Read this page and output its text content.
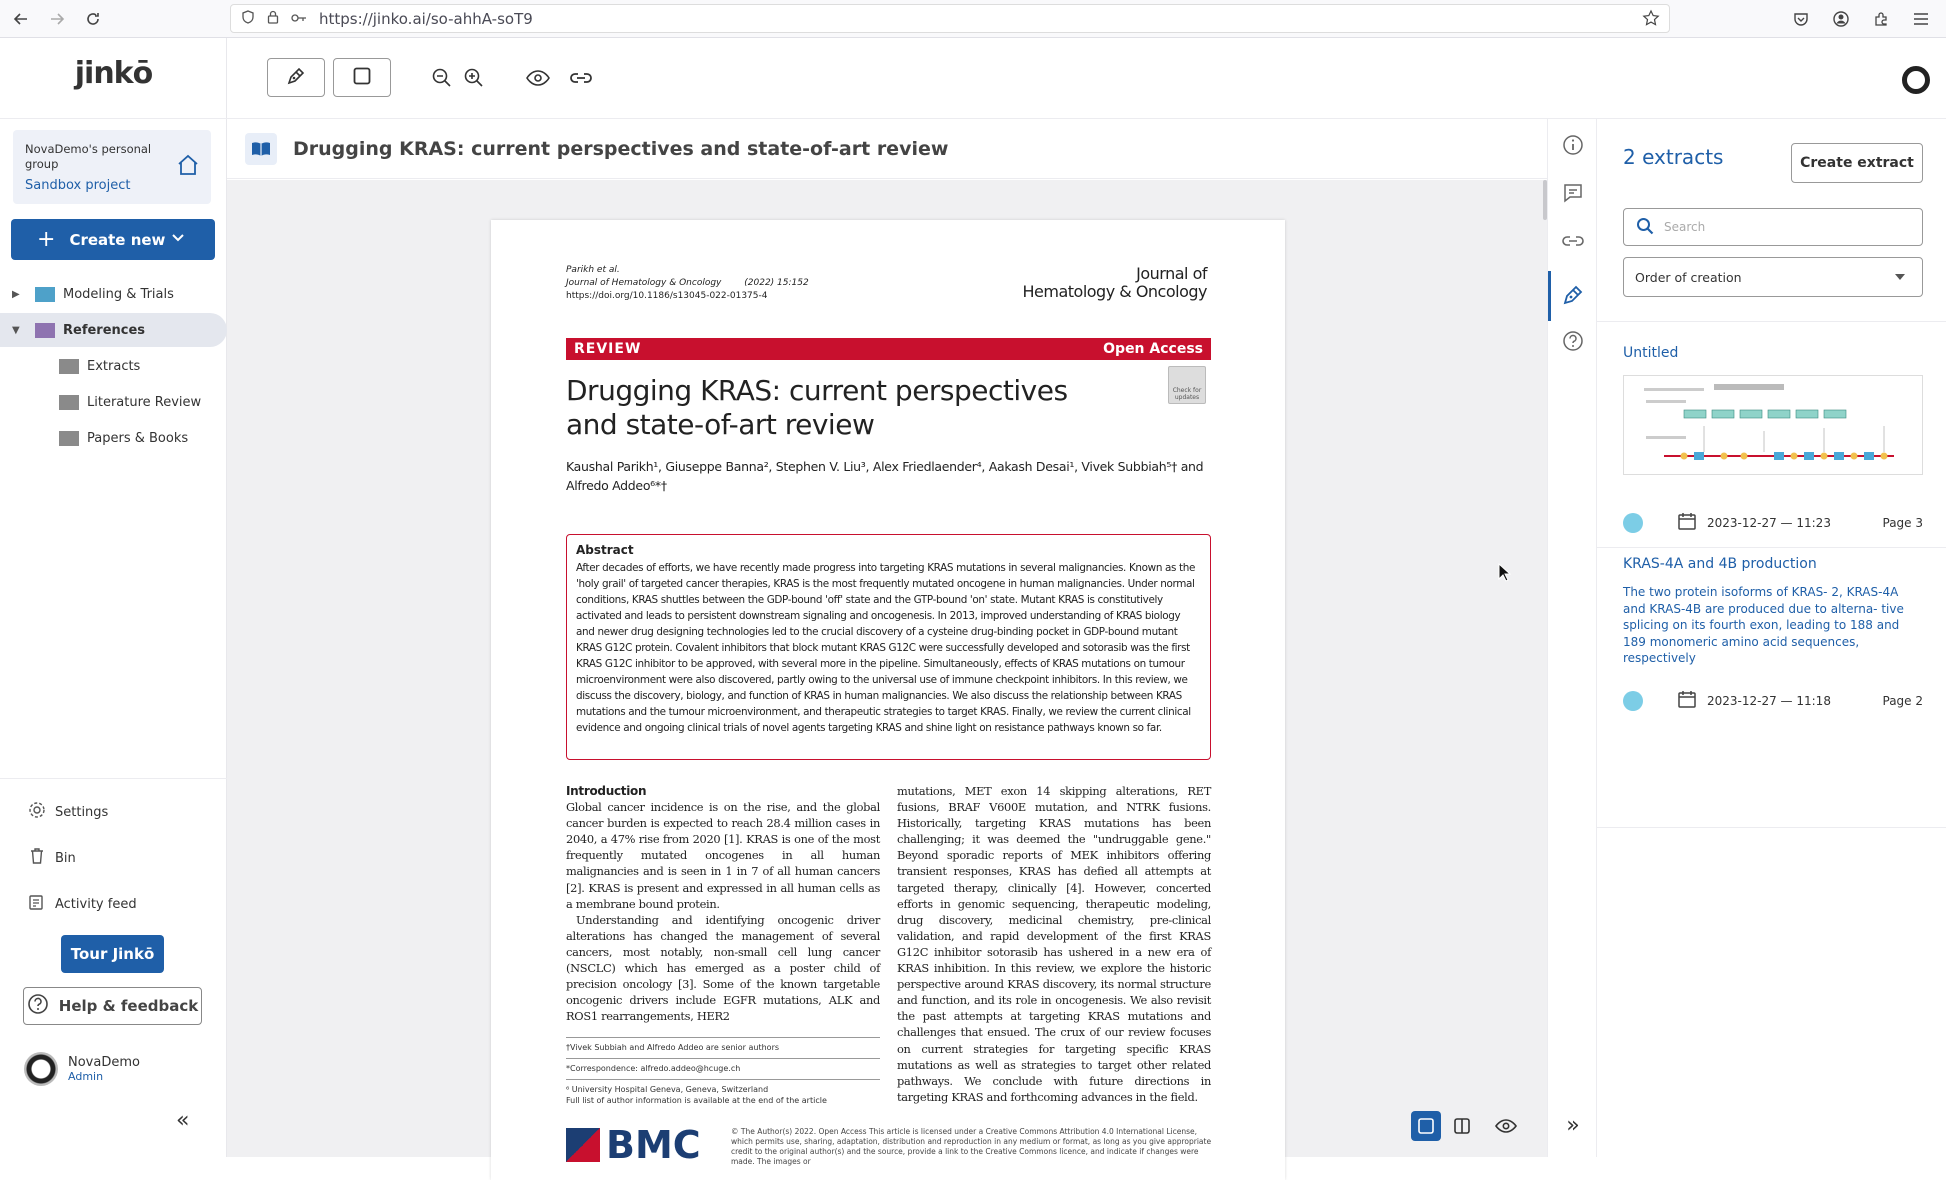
https://jinko.ai/so-ahhA-soT9
jinkō
NovaDemo's personal group
Sandbox project
+ Create new
▶	Modeling & Trials
▼	References
Extracts
Literature Review
Papers & Books
Settings
Bin
Activity feed
Tour Jinkō
Help & feedback
NovaDemo
Admin
«
Drugging KRAS: current perspectives and state-of-art review
Parikh et al.
Journal of Hematology & Oncology        (2022) 15:152
https://doi.org/10.1186/s13045-022-01375-4
Journal of
Hematology & Oncology
REVIEW	Open Access
Drugging KRAS: current perspectives and state-of-art review
Check for updates
Kaushal Parikh¹, Giuseppe Banna², Stephen V. Liu³, Alex Friedlaender⁴, Aakash Desai¹, Vivek Subbiah⁵† and Alfredo Addeo⁶*†
Abstract
After decades of efforts, we have recently made progress into targeting KRAS mutations in several malignancies. Known as the 'holy grail' of targeted cancer therapies, KRAS is the most frequently mutated oncogene in human malignancies. Under normal conditions, KRAS shuttles between the GDP-bound 'off' state and the GTP-bound 'on' state. Mutant KRAS is constitutively activated and leads to persistent downstream signaling and oncogenesis. In 2013, improved understanding of KRAS biology and newer drug designing technologies led to the crucial discovery of a cysteine drug-binding pocket in GDP-bound mutant KRAS G12C protein. Covalent inhibitors that block mutant KRAS G12C were successfully developed and sotorasib was the first KRAS G12C inhibitor to be approved, with several more in the pipeline. Simultaneously, effects of KRAS mutations on tumour microenvironment were also discovered, partly owing to the universal use of immune checkpoint inhibitors. In this review, we discuss the discovery, biology, and function of KRAS in human malignancies. We also discuss the relationship between KRAS mutations and the tumour microenvironment, and therapeutic strategies to target KRAS. Finally, we review the current clinical evidence and ongoing clinical trials of novel agents targeting KRAS and shine light on resistance pathways known so far.
Introduction
Global cancer incidence is on the rise, and the global cancer burden is expected to reach 28.4 million cases in 2040, a 47% rise from 2020 [1]. KRAS is one of the most frequently mutated oncogenes in all human malignancies and is seen in 1 in 7 of all human cancers [2]. KRAS is present and expressed in all human cells as a membrane bound protein.
Understanding and identifying oncogenic driver alterations has changed the management of several cancers, most notably, non-small cell lung cancer (NSCLC) which has emerged as a poster child of precision oncology [3]. Some of the known targetable oncogenic drivers include EGFR mutations, ALK and ROS1 rearrangements, HER2
mutations, MET exon 14 skipping alterations, RET fusions, BRAF V600E mutation, and NTRK fusions. Historically, targeting KRAS mutations has been challenging; it was deemed the "undruggable gene." Beyond sporadic reports of MEK inhibitors offering transient responses, KRAS has defied all attempts at targeted therapy, clinically [4]. However, concerted efforts in genomic sequencing, therapeutic modeling, drug discovery, medicinal chemistry, pre-clinical validation, and rapid development of the first KRAS G12C inhibitor sotorasib has ushered in a new era of KRAS inhibition. In this review, we explore the historic perspective around KRAS discovery, its normal structure and function, and its role in oncogenesis. We also revisit the past attempts at targeting KRAS mutations and challenges that ensued. The crux of our review focuses on current strategies for targeting specific KRAS mutations as well as strategies to target other related pathways. We conclude with future directions in targeting KRAS and forthcoming advances in the field.
†Vivek Subbiah and Alfredo Addeo are senior authors
*Correspondence: alfredo.addeo@hcuge.ch
⁶ University Hospital Geneva, Geneva, Switzerland
Full list of author information is available at the end of the article
BMC	© The Author(s) 2022. Open Access This article is licensed under a Creative Commons Attribution 4.0 International License, which permits use, sharing, adaptation, distribution and reproduction in any medium or format, as long as you give appropriate credit to the original author(s) and the source, provide a link to the Creative Commons licence, and indicate if changes were made. The images or
»
2 extracts	Create extract
Search
Order of creation
Untitled
2023-12-27 — 11:23	Page 3
KRAS-4A and 4B production
The two protein isoforms of KRAS- 2, KRAS-4A and KRAS-4B are produced due to alterna- tive splicing on its fourth exon, leading to 188 and 189 monomeric amino acid sequences, respectively
2023-12-27 — 11:18	Page 2
